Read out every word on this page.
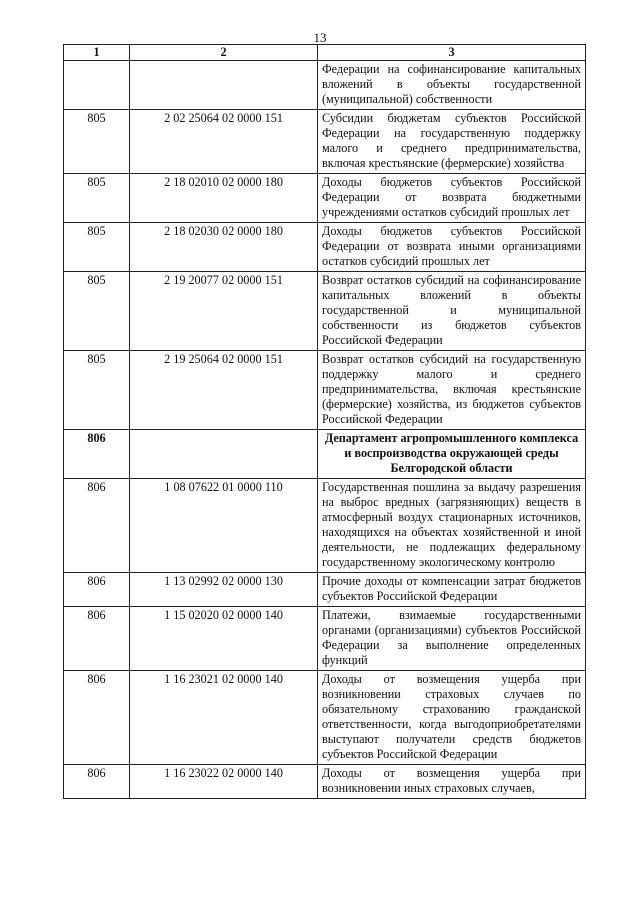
13
1	2	3
		Федерации на софинансирование капитальных вложений в объекты государственной (муниципальной) собственности
805	2 02 25064 02 0000 151	Субсидии бюджетам субъектов Российской Федерации на государственную поддержку малого и среднего предпринимательства, включая крестьянские (фермерские) хозяйства
805	2 18 02010 02 0000 180	Доходы бюджетов субъектов Российской Федерации от возврата бюджетными учреждениями остатков субсидий прошлых лет
805	2 18 02030 02 0000 180	Доходы бюджетов субъектов Российской Федерации от возврата иными организациями остатков субсидий прошлых лет
805	2 19 20077 02 0000 151	Возврат остатков субсидий на софинансирование капитальных вложений в объекты государственной и муниципальной собственности из бюджетов субъектов Российской Федерации
805	2 19 25064 02 0000 151	Возврат остатков субсидий на государственную поддержку малого и среднего предпринимательства, включая крестьянские (фермерские) хозяйства, из бюджетов субъектов Российской Федерации
806		Департамент агропромышленного комплекса и воспроизводства окружающей среды Белгородской области
806	1 08 07622 01 0000 110	Государственная пошлина за выдачу разрешения на выброс вредных (загрязняющих) веществ в атмосферный воздух стационарных источников, находящихся на объектах хозяйственной и иной деятельности, не подлежащих федеральному государственному экологическому контролю
806	1 13 02992 02 0000 130	Прочие доходы от компенсации затрат бюджетов субъектов Российской Федерации
806	1 15 02020 02 0000 140	Платежи, взимаемые государственными органами (организациями) субъектов Российской Федерации за выполнение определенных функций
806	1 16 23021 02 0000 140	Доходы от возмещения ущерба при возникновении страховых случаев по обязательному страхованию гражданской ответственности, когда выгодоприобретателями выступают получатели средств бюджетов субъектов Российской Федерации
806	1 16 23022 02 0000 140	Доходы от возмещения ущерба при возникновении иных страховых случаев,
